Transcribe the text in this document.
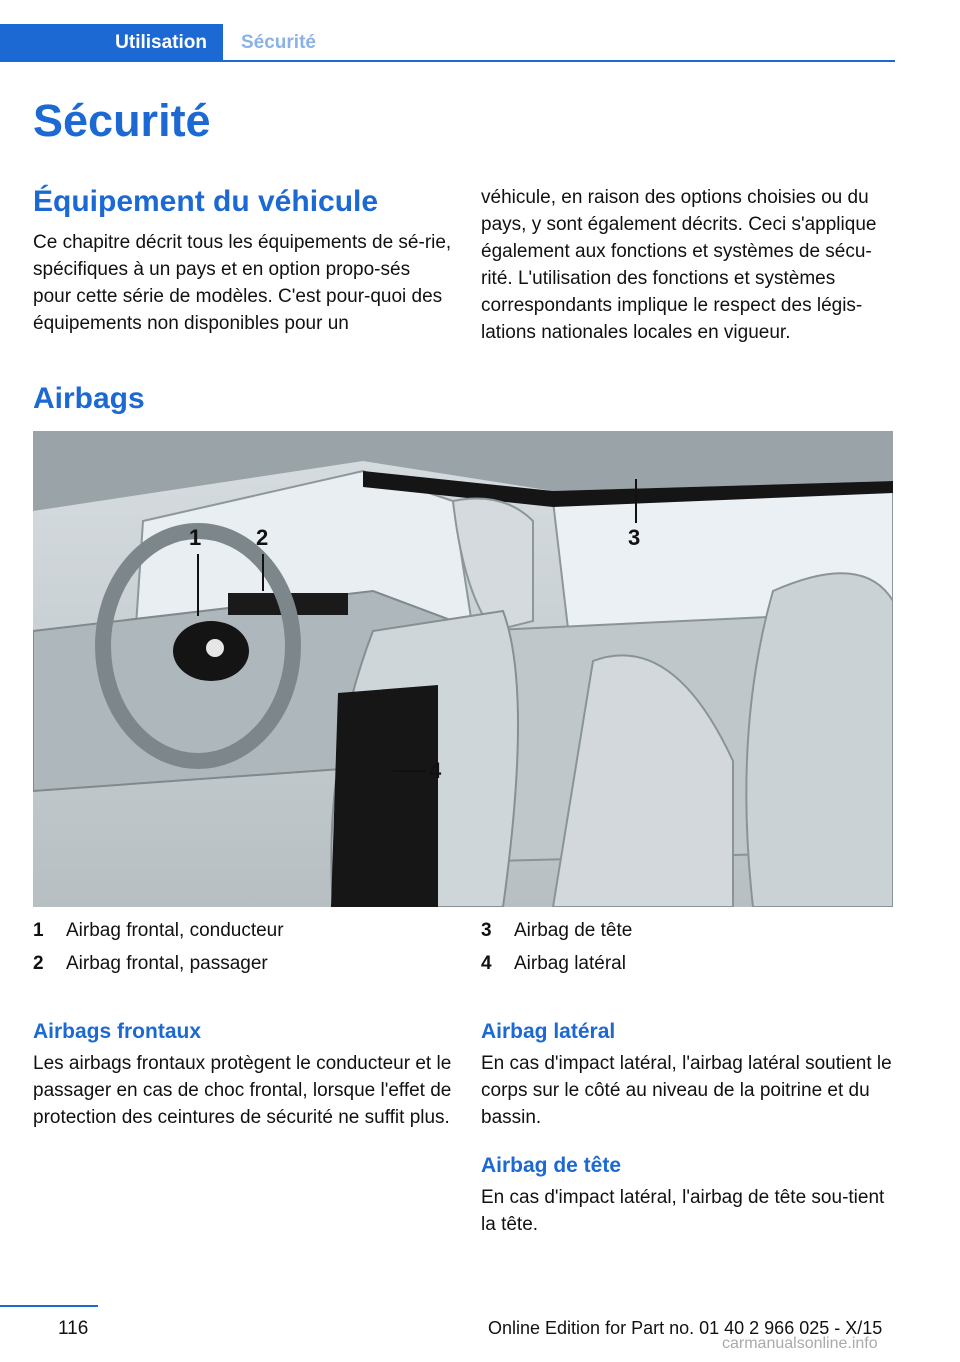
Utilisation	Sécurité
Sécurité
Équipement du véhicule

Ce chapitre décrit tous les équipements de sé‐rie, spécifiques à un pays et en option propo‐sés pour cette série de modèles. C'est pour‐quoi des équipements non disponibles pour un

véhicule, en raison des options choisies ou du pays, y sont également décrits. Ceci s'applique également aux fonctions et systèmes de sécu‐rité. L'utilisation des fonctions et systèmes correspondants implique le respect des légis‐lations nationales locales en vigueur.

Airbags
1 2	3
4
1	Airbag frontal, conducteur
2	Airbag frontal, passager
3	Airbag de tête
4	Airbag latéral
Airbags frontaux

Les airbags frontaux protègent le conducteur et le passager en cas de choc frontal, lorsque l'effet de protection des ceintures de sécurité ne suffit plus.

Airbag latéral

En cas d'impact latéral, l'airbag latéral soutient le corps sur le côté au niveau de la poitrine et du bassin.

Airbag de tête

En cas d'impact latéral, l'airbag de tête sou‐tient la tête.

116	Online Edition for Part no. 01 40 2 966 025 - X/15
carmanualsonline.info
